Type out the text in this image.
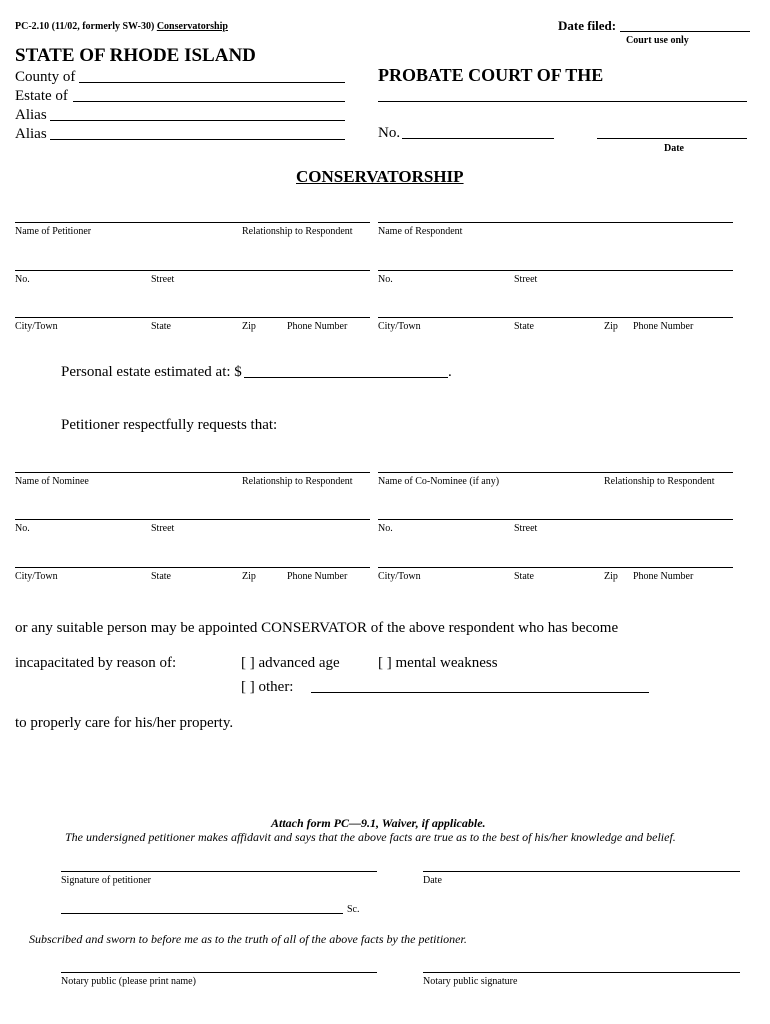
PC-2.10 (11/02, formerly SW-30) Conservatorship	Date filed:
Court use only
STATE OF RHODE ISLAND
County of
Estate of
Alias
Alias
PROBATE COURT OF THE
No.
Date
CONSERVATORSHIP
Name of Petitioner	Relationship to Respondent	Name of Respondent
No.	Street	No.	Street
City/Town	State	Zip	Phone Number	City/Town	State	Zip Phone Number
Personal estate estimated at: $	.
Petitioner respectfully requests that:
Name of Nominee	Relationship to Respondent	Name of Co-Nominee (if any)	Relationship to Respondent
No.	Street	No.	Street
City/Town	State	Zip	Phone Number	City/Town	State	Zip Phone Number
or any suitable person may be appointed CONSERVATOR of the above respondent who has become
incapacitated by reason of:	[ ] advanced age	[ ] mental weakness
[ ] other:
to properly care for his/her property.
Attach form PC—9.1, Waiver, if applicable.
The undersigned petitioner makes affidavit and says that the above facts are true as to the best of his/her knowledge and belief.
Signature of petitioner	Date
Sc.
Subscribed and sworn to before me as to the truth of all of the above facts by the petitioner.
Notary public (please print name)	Notary public signature
